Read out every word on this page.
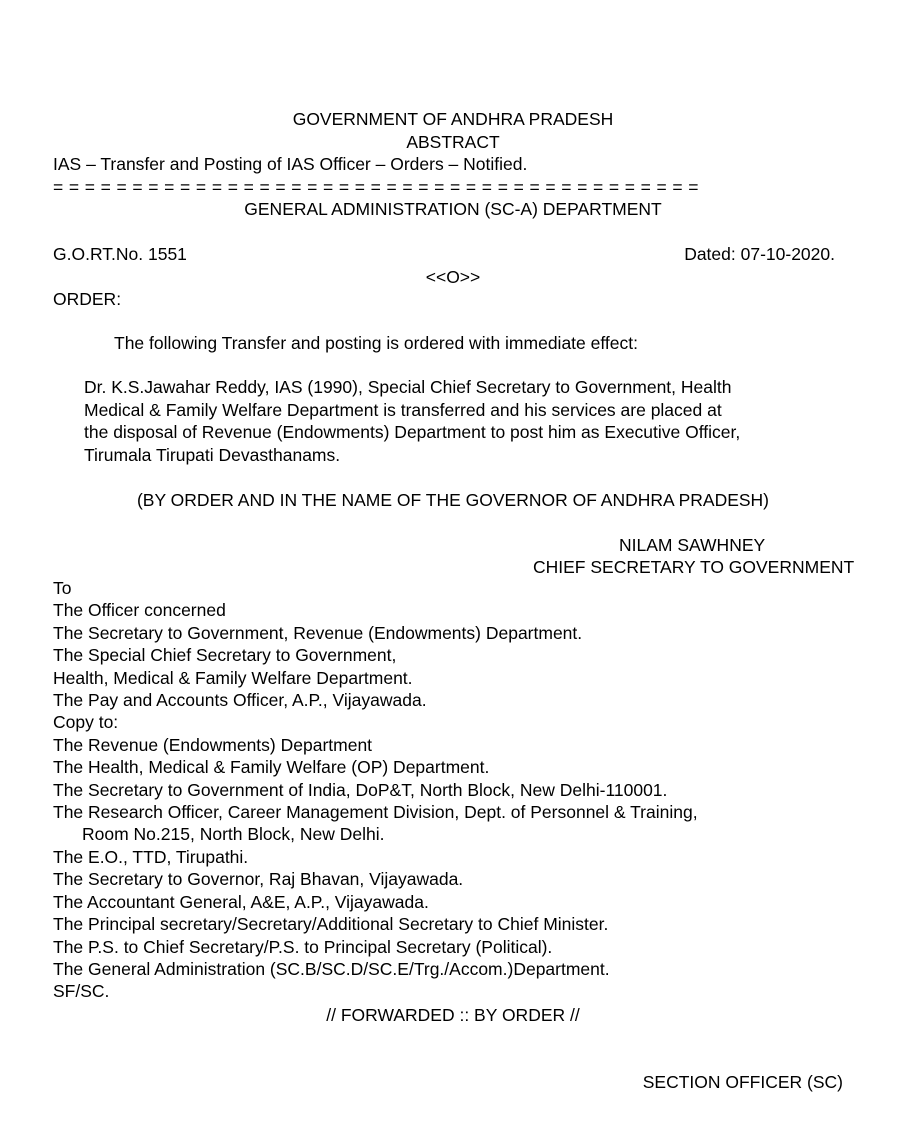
GOVERNMENT OF ANDHRA PRADESH
ABSTRACT
IAS – Transfer and Posting of IAS Officer – Orders – Notified.
= = = = = = = = = = = = = = = = = = = = = = = = = = = = = = = = = = = = = = = = =
GENERAL ADMINISTRATION (SC-A) DEPARTMENT
G.O.RT.No. 1551	Dated: 07-10-2020.
<<O>>
ORDER:
The following Transfer and posting is ordered with immediate effect:
Dr. K.S.Jawahar Reddy, IAS (1990), Special Chief Secretary to Government, Health
Medical & Family Welfare Department is transferred and his services are placed at
the disposal of Revenue (Endowments) Department to post him as Executive Officer,
Tirumala Tirupati Devasthanams.
(BY ORDER AND IN THE NAME OF THE GOVERNOR OF ANDHRA PRADESH)
NILAM SAWHNEY
CHIEF SECRETARY TO GOVERNMENT
To
The Officer concerned
The Secretary to Government, Revenue (Endowments) Department.
The Special Chief Secretary to Government,
Health, Medical & Family Welfare Department.
The Pay and Accounts Officer, A.P., Vijayawada.
Copy to:
The Revenue (Endowments) Department
The Health, Medical & Family Welfare (OP) Department.
The Secretary to Government of India, DoP&T, North Block, New Delhi-110001.
The Research Officer, Career Management Division, Dept. of Personnel & Training,
Room No.215, North Block, New Delhi.
The E.O., TTD, Tirupathi.
The Secretary to Governor, Raj Bhavan, Vijayawada.
The Accountant General, A&E, A.P., Vijayawada.
The Principal secretary/Secretary/Additional Secretary to Chief Minister.
The P.S. to Chief Secretary/P.S. to Principal Secretary (Political).
The General Administration (SC.B/SC.D/SC.E/Trg./Accom.)Department.
SF/SC.
// FORWARDED :: BY ORDER //
SECTION OFFICER (SC)
